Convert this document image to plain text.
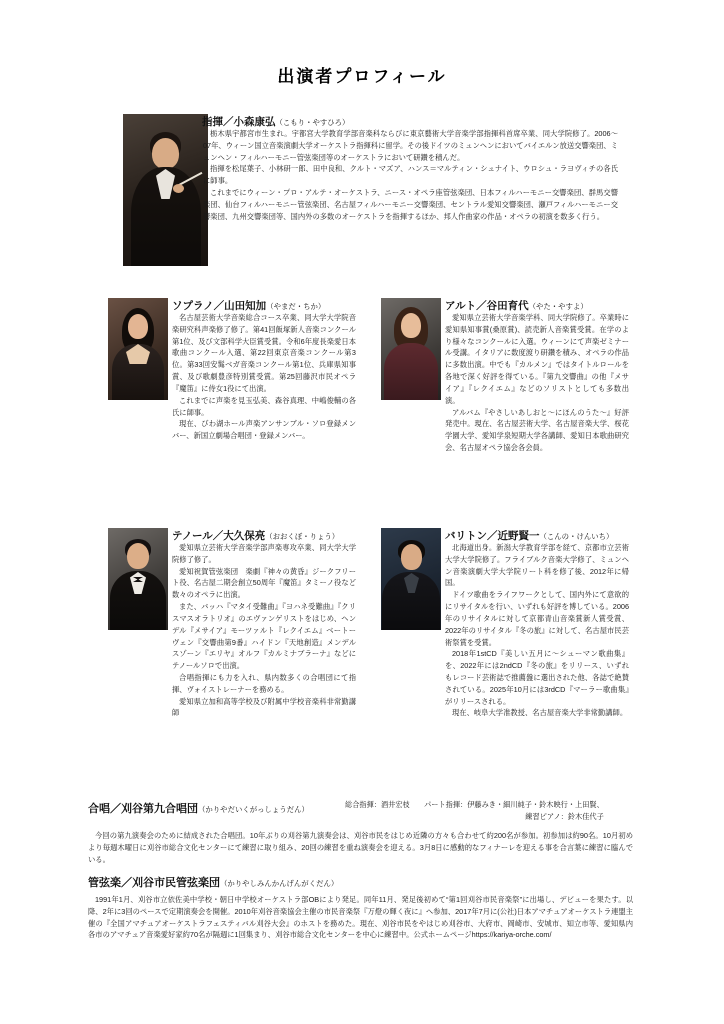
出演者プロフィール
指揮／小森康弘（こもり・やすひろ）

栃木県宇都宮市生まれ。宇都宮大学教育学部音楽科ならびに東京藝術大学音楽学部指揮科首席卒業、同大学院修了。2006〜07年、ウィーン国立音楽演劇大学オーケストラ指揮科に留学。その後ドイツのミュンヘンにおいてバイエルン放送交響楽団、ミュンヘン・フィルハーモニー管弦楽団等のオーケストラにおいて研鑽を積んだ。

指揮を松尾葉子、小林研一郎、田中良和、クルト・マズア、ハンス＝マルティン・シュナイト、ウロシュ・ラヨヴィチの各氏に師事。

これまでにウィーン・プロ・アルテ・オーケストラ、ニース・オペラ座管弦楽団、日本フィルハーモニー交響楽団、群馬交響楽団、仙台フィルハーモニー管弦楽団、名古屋フィルハーモニー交響楽団、セントラル愛知交響楽団、瀬戸フィルハーモニー交響楽団、九州交響楽団等、国内外の多数のオーケストラを指揮するほか、邦人作曲家の作品・オペラの初演を数多く行う。

ソプラノ／山田知加（やまだ・ちか）

名古屋芸術大学音楽総合コース卒業、同大学大学院音楽研究科声楽修了修了。第41回飯塚新人音楽コンクール第1位、及び文部科学大臣賞受賞。令和6年度長楽愛日本歌曲コンクール入選、第22回東京音楽コンクール第3位。第33回安髴ベガ音楽コンクール第1位、兵庫県知事賞、及び歌劇豊彦特別賞受賞。第25回藤沢市民オペラ『魔笛』に侍女1役にて出演。

これまでに声楽を見玉弘美、森谷真理、中嶋俊輔の各氏に師事。

現在、びわ湖ホール声楽アンサンブル・ソロ登録メンバー、新国立劇場合唱団・登録メンバー。

アルト／谷田育代（やた・やすよ）

愛知県立芸術大学音楽学科、同大学院修了。卒業時に愛知県知事賞(桑原賞)、読売新人音楽賞受賞。在学のより様々なコンクールに入選。ウィーンにて声楽ゼミナール受講。イタリアに数度渡り研鑽を積み、オペラの作品に多数出演。中でも『カルメン』ではタイトルロールを各地で深く好評を得ている。『第九交響曲』の他『メサイア』『レクイエム』などのソリストとしても多数出演。

アルバム『やさしいあしおと〜にほんのうた〜』好評発売中。現在、名古屋芸術大学、名古屋音楽大学、桜花学園大学、愛知学泉短期大学各講師、愛知日本歌曲研究会、名古屋オペラ協会各会員。

テノール／大久保亮（おおくぼ・りょう）

愛知県立芸術大学音楽学部声楽専攻卒業、同大学大学院修了修了。

愛知祝賀管弦楽団　楽劇『神々の黄昏』ジークフリート役、名古屋二期会創立50周年『魔笛』タミーノ役など数々のオペラに出演。

また、バッハ『マタイ受難曲』『ヨハネ受難曲』『クリスマスオラトリオ』のエヴァンゲリストをはじめ、ヘンデル『メサイア』モーツァルト『レクイエム』ベートーヴェン『交響曲第9番』ハイドン『天地創造』メンデルスゾーン『エリヤ』オルフ『カルミナブラーナ』などにテノールソロで出演。

合唱指揮にも力を入れ、県内数多くの合唱団にて指揮、ヴォイストレーナーを務める。

愛知県立加和高等学校及び附属中学校音楽科非常勤講師

バリトン／近野賢一（こんの・けんいち）

北海道出身。新潟大学教育学部を経て、京都市立芸術大学大学院修了。フライブルク音楽大学修了、ミュンヘン音楽演劇大学大学院リート科を修了後、2012年に帰国。

ドイツ歌曲をライフワークとして、国内外にて意欲的にリサイタルを行い、いずれも好評を博している。2006年のリサイタルに対して京都青山音楽賞新人賞受賞、2022年のリサイタル『冬の旅』に対して、名古屋市民芸術祭賞を受賞。

2018年1stCD『美しい五月に〜シューマン歌曲集』を、2022年には2ndCD『冬の旅』をリリース、いずれもレコード芸術誌で推薦盤に選出された他、各誌で絶賛されている。2025年10月には3rdCD『マーラー歌曲集』がリリースされる。

現在、岐阜大学准教授、名古屋音楽大学非常勤講師。

合唱／刈谷第九合唱団（かりやだいくがっしょうだん）
総合指揮：酒井宏枝　　パート指揮：伊藤みき・細川純子・鈴木映行・上田賢、
練習ピアノ：鈴木佳代子

今回の第九演奏会のために結成された合唱団。10年ぶりの刈谷第九演奏会は、刈谷市民をはじめ近隣の方々も合わせて約200名が参加。初参加は約90名。10月初めより毎週木曜日に刈谷市総合文化センターにて練習に取り組み、20回の練習を重ね演奏会を迎える。3月8日に感動的なフィナーレを迎える事を合言葉に練習に臨んでいる。

管弦楽／刈谷市民管弦楽団（かりやしみんかんげんがくだん）

1991年1月、刈谷市立依佐美中学校・朝日中学校オーケストラ部OBにより発足。同年11月、発足後初めて“第1回刈谷市民音楽祭”に出場し、デビューを果たす。以降、2年に3回のペースで定期演奏会を開催。2010年刈谷音楽協会主催の市民音楽祭『万燈の輝く夜に』へ参加、2017年7月に(公社)日本アマチュアオーケストラ連盟主催の『全国アマチュアオーケストラフェスティバル刈谷大会』のホストを務めた。現在、刈谷市民をやはじめ刈谷市、大府市、岡崎市、安城市、知立市等、愛知県内各市のアマチュア音楽愛好家約70名が隔週に1回集まり、刈谷市総合文化センターを中心に練習中。公式ホームページhttps://kariya-orche.com/
